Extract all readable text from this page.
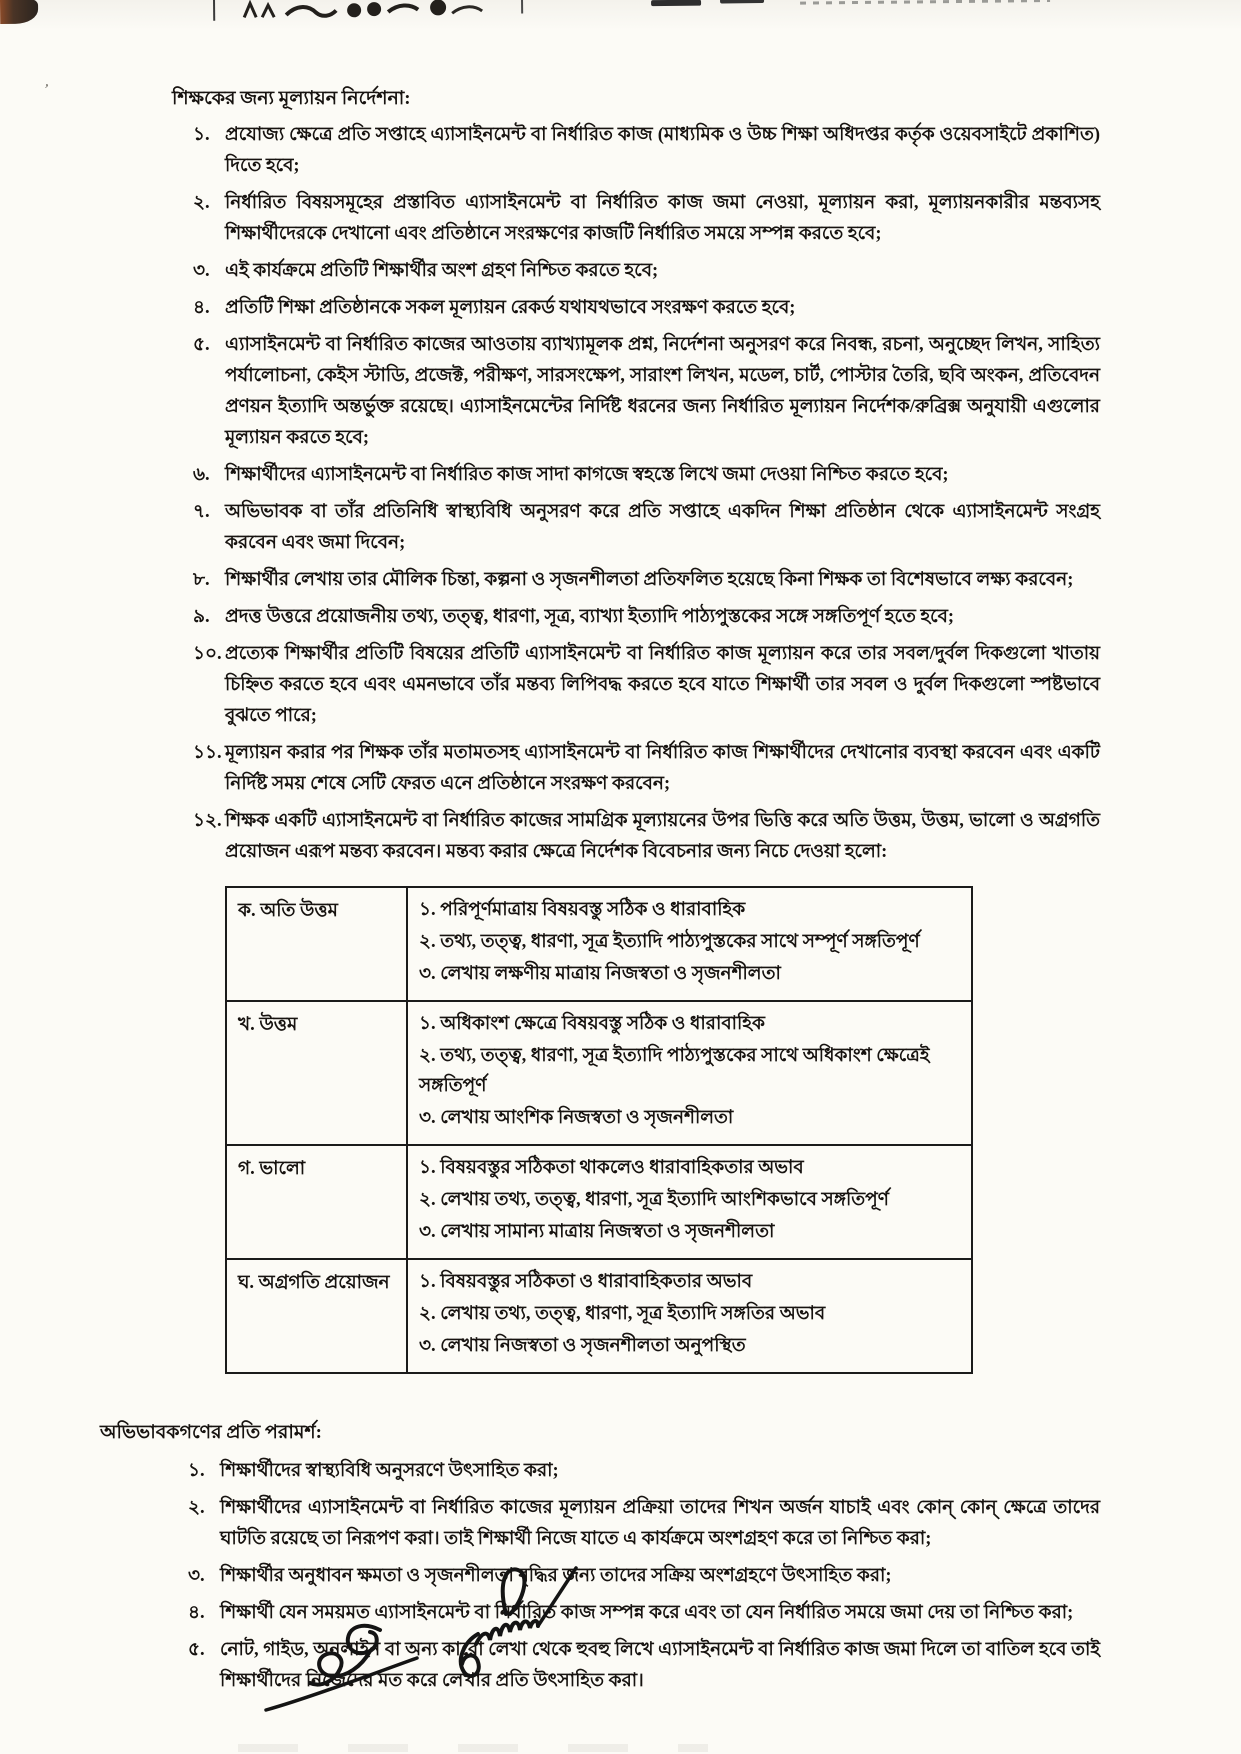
’	শিক্ষকের জন্য মূল্যায়ন নির্দেশনা:
১. প্রযোজ্য ক্ষেত্রে প্রতি সপ্তাহে এ্যাসাইনমেন্ট বা নির্ধারিত কাজ (মাধ্যমিক ও উচ্চ শিক্ষা অধিদপ্তর কর্তৃক ওয়েবসাইটে প্রকাশিত) দিতে হবে;
২. নির্ধারিত বিষয়সমূহের প্রস্তাবিত এ্যাসাইনমেন্ট বা নির্ধারিত কাজ জমা নেওয়া, মূল্যায়ন করা, মূল্যায়নকারীর মন্তব্যসহ শিক্ষার্থীদেরকে দেখানো এবং প্রতিষ্ঠানে সংরক্ষণের কাজটি নির্ধারিত সময়ে সম্পন্ন করতে হবে;
৩. এই কার্যক্রমে প্রতিটি শিক্ষার্থীর অংশ গ্রহণ নিশ্চিত করতে হবে;
৪. প্রতিটি শিক্ষা প্রতিষ্ঠানকে সকল মূল্যায়ন রেকর্ড যথাযথভাবে সংরক্ষণ করতে হবে;
৫. এ্যাসাইনমেন্ট বা নির্ধারিত কাজের আওতায় ব্যাখ্যামূলক প্রশ্ন, নির্দেশনা অনুসরণ করে নিবন্ধ, রচনা, অনুচ্ছেদ লিখন, সাহিত্য পর্যালোচনা, কেইস স্টাডি, প্রজেক্ট, পরীক্ষণ, সারসংক্ষেপ, সারাংশ লিখন, মডেল, চার্ট, পোস্টার তৈরি, ছবি অংকন, প্রতিবেদন প্রণয়ন ইত্যাদি অন্তর্ভুক্ত রয়েছে। এ্যাসাইনমেন্টের নির্দিষ্ট ধরনের জন্য নির্ধারিত মূল্যায়ন নির্দেশক/রুব্রিক্স অনুযায়ী এগুলোর মূল্যায়ন করতে হবে;
৬. শিক্ষার্থীদের এ্যাসাইনমেন্ট বা নির্ধারিত কাজ সাদা কাগজে স্বহস্তে লিখে জমা দেওয়া নিশ্চিত করতে হবে;
৭. অভিভাবক বা তাঁর প্রতিনিধি স্বাস্থ্যবিধি অনুসরণ করে প্রতি সপ্তাহে একদিন শিক্ষা প্রতিষ্ঠান থেকে এ্যাসাইনমেন্ট সংগ্রহ করবেন এবং জমা দিবেন;
৮. শিক্ষার্থীর লেখায় তার মৌলিক চিন্তা, কল্পনা ও সৃজনশীলতা প্রতিফলিত হয়েছে কিনা শিক্ষক তা বিশেষভাবে লক্ষ্য করবেন;
৯. প্রদত্ত উত্তরে প্রয়োজনীয় তথ্য, তত্ত্ব, ধারণা, সূত্র, ব্যাখ্যা ইত্যাদি পাঠ্যপুস্তকের সঙ্গে সঙ্গতিপূর্ণ হতে হবে;
১০. প্রত্যেক শিক্ষার্থীর প্রতিটি বিষয়ের প্রতিটি এ্যাসাইনমেন্ট বা নির্ধারিত কাজ মূল্যায়ন করে তার সবল/দুর্বল দিকগুলো খাতায় চিহ্নিত করতে হবে এবং এমনভাবে তাঁর মন্তব্য লিপিবদ্ধ করতে হবে যাতে শিক্ষার্থী তার সবল ও দুর্বল দিকগুলো স্পষ্টভাবে বুঝতে পারে;
১১. মূল্যায়ন করার পর শিক্ষক তাঁর মতামতসহ এ্যাসাইনমেন্ট বা নির্ধারিত কাজ শিক্ষার্থীদের দেখানোর ব্যবস্থা করবেন এবং একটি নির্দিষ্ট সময় শেষে সেটি ফেরত এনে প্রতিষ্ঠানে সংরক্ষণ করবেন;
১২. শিক্ষক একটি এ্যাসাইনমেন্ট বা নির্ধারিত কাজের সামগ্রিক মূল্যায়নের উপর ভিত্তি করে অতি উত্তম, উত্তম, ভালো ও অগ্রগতি প্রয়োজন এরূপ মন্তব্য করবেন। মন্তব্য করার ক্ষেত্রে নির্দেশক বিবেচনার জন্য নিচে দেওয়া হলো:
ক. অতি উত্তম	১. পরিপূর্ণমাত্রায় বিষয়বস্তু সঠিক ও ধারাবাহিক
২. তথ্য, তত্ত্ব, ধারণা, সূত্র ইত্যাদি পাঠ্যপুস্তকের সাথে সম্পূর্ণ সঙ্গতিপূর্ণ
৩. লেখায় লক্ষণীয় মাত্রায় নিজস্বতা ও সৃজনশীলতা

খ. উত্তম	১. অধিকাংশ ক্ষেত্রে বিষয়বস্তু সঠিক ও ধারাবাহিক
২. তথ্য, তত্ত্ব, ধারণা, সূত্র ইত্যাদি পাঠ্যপুস্তকের সাথে অধিকাংশ ক্ষেত্রেই সঙ্গতিপূর্ণ
৩. লেখায় আংশিক নিজস্বতা ও সৃজনশীলতা

গ. ভালো	১. বিষয়বস্তুর সঠিকতা থাকলেও ধারাবাহিকতার অভাব
২. লেখায় তথ্য, তত্ত্ব, ধারণা, সূত্র ইত্যাদি আংশিকভাবে সঙ্গতিপূর্ণ
৩. লেখায় সামান্য মাত্রায় নিজস্বতা ও সৃজনশীলতা

ঘ. অগ্রগতি প্রয়োজন	১. বিষয়বস্তুর সঠিকতা ও ধারাবাহিকতার অভাব
২. লেখায় তথ্য, তত্ত্ব, ধারণা, সূত্র ইত্যাদি সঙ্গতির অভাব
৩. লেখায় নিজস্বতা ও সৃজনশীলতা অনুপস্থিত
অভিভাবকগণের প্রতি পরামর্শ:
১. শিক্ষার্থীদের স্বাস্থ্যবিধি অনুসরণে উৎসাহিত করা;
২. শিক্ষার্থীদের এ্যাসাইনমেন্ট বা নির্ধারিত কাজের মূল্যায়ন প্রক্রিয়া তাদের শিখন অর্জন যাচাই এবং কোন্ কোন্ ক্ষেত্রে তাদের ঘাটতি রয়েছে তা নিরূপণ করা। তাই শিক্ষার্থী নিজে যাতে এ কার্যক্রমে অংশগ্রহণ করে তা নিশ্চিত করা;
৩. শিক্ষার্থীর অনুধাবন ক্ষমতা ও সৃজনশীলতা বৃদ্ধির জন্য তাদের সক্রিয় অংশগ্রহণে উৎসাহিত করা;
৪. শিক্ষার্থী যেন সময়মত এ্যাসাইনমেন্ট বা নির্ধারিত কাজ সম্পন্ন করে এবং তা যেন নির্ধারিত সময়ে জমা দেয় তা নিশ্চিত করা;
৫. নোট, গাইড, অনলাইন বা অন্য কারো লেখা থেকে হুবহু লিখে এ্যাসাইনমেন্ট বা নির্ধারিত কাজ জমা দিলে তা বাতিল হবে তাই শিক্ষার্থীদের নিজেদের মত করে লেখার প্রতি উৎসাহিত করা।
